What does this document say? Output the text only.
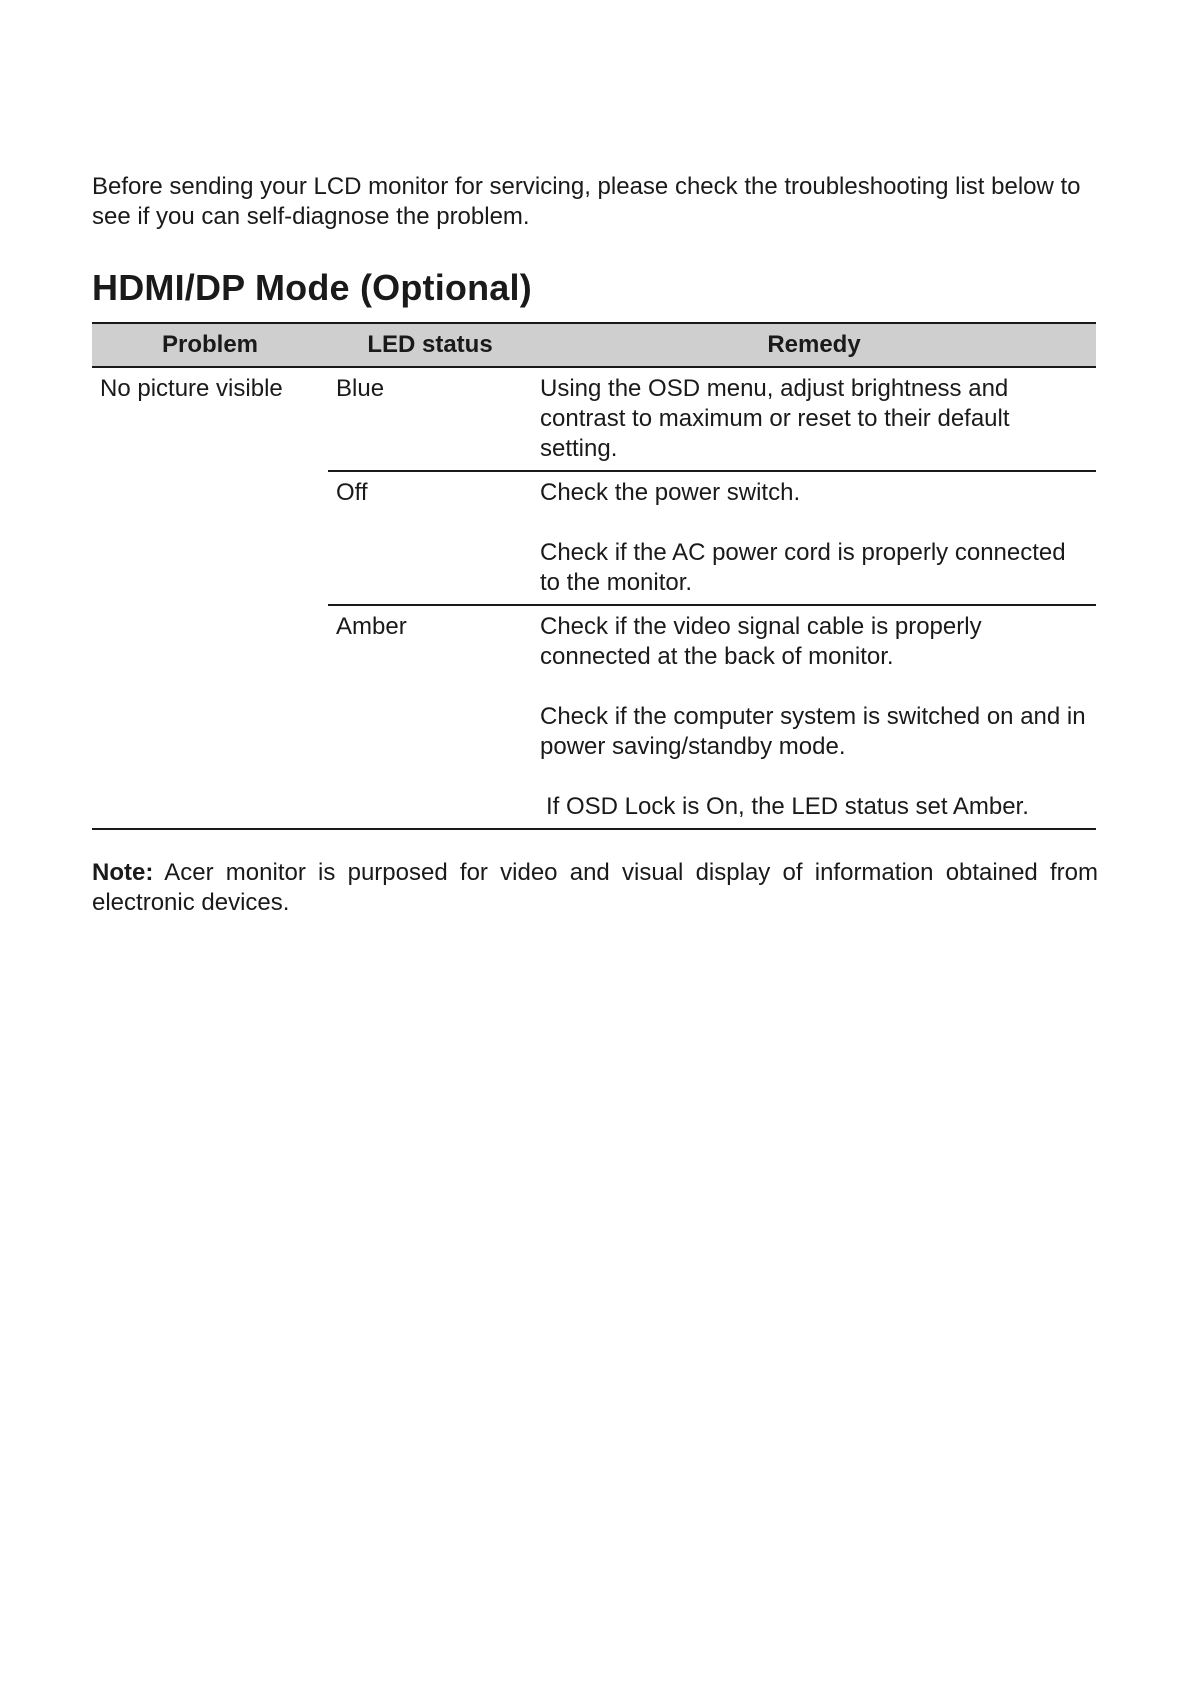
Before sending your LCD monitor for servicing, please check the troubleshooting list below to see if you can self-diagnose the problem.

HDMI/DP Mode (Optional)
Problem	LED status	Remedy
No picture visible	Blue	Using the OSD menu, adjust brightness and contrast to maximum or reset to their default setting.

	Off	Check the power switch.

Check if the AC power cord is properly connected to the monitor.

	Amber	Check if the video signal cable is properly connected at the back of monitor.

Check if the computer system is switched on and in power saving/standby mode.

If OSD Lock is On, the LED status set Amber.

Note: Acer monitor is purposed for video and visual display of information obtained from electronic devices.
